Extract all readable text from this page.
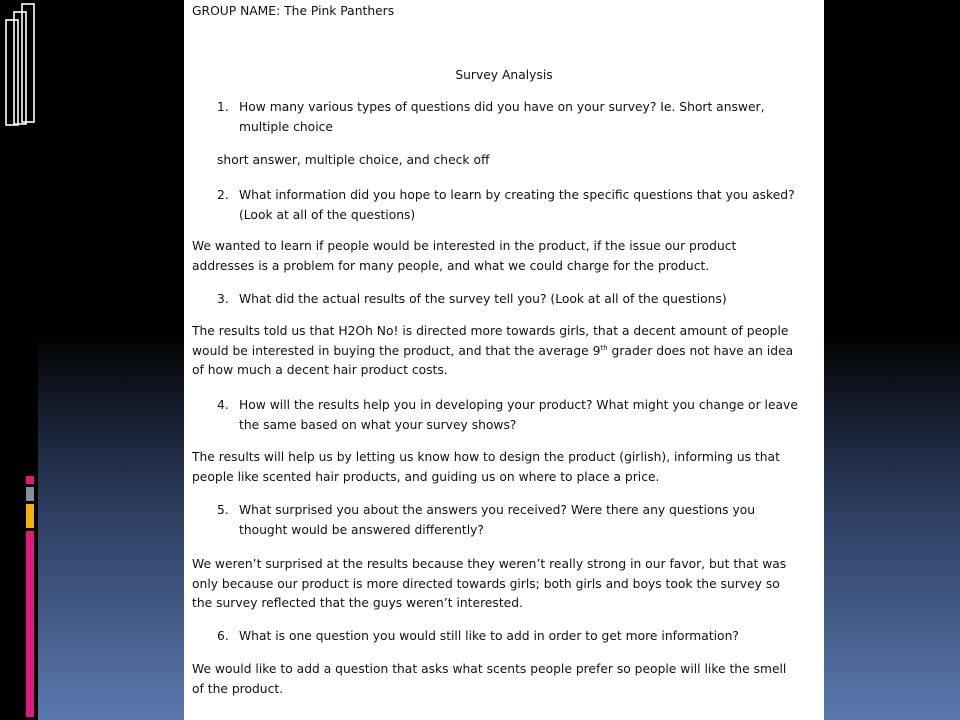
GROUP NAME: The Pink Panthers
Survey Analysis
1. How many various types of questions did you have on your survey? Ie. Short answer, multiple choice
short answer, multiple choice, and check off
2. What information did you hope to learn by creating the specific questions that you asked? (Look at all of the questions)
We wanted to learn if people would be interested in the product, if the issue our product addresses is a problem for many people, and what we could charge for the product.
3. What did the actual results of the survey tell you? (Look at all of the questions)
The results told us that H2Oh No! is directed more towards girls, that a decent amount of people would be interested in buying the product, and that the average 9th grader does not have an idea of how much a decent hair product costs.
4. How will the results help you in developing your product? What might you change or leave the same based on what your survey shows?
The results will help us by letting us know how to design the product (girlish), informing us that people like scented hair products, and guiding us on where to place a price.
5. What surprised you about the answers you received? Were there any questions you thought would be answered differently?
We weren’t surprised at the results because they weren’t really strong in our favor, but that was only because our product is more directed towards girls; both girls and boys took the survey so the survey reflected that the guys weren’t interested.
6. What is one question you would still like to add in order to get more information?
We would like to add a question that asks what scents people prefer so people will like the smell of the product.
